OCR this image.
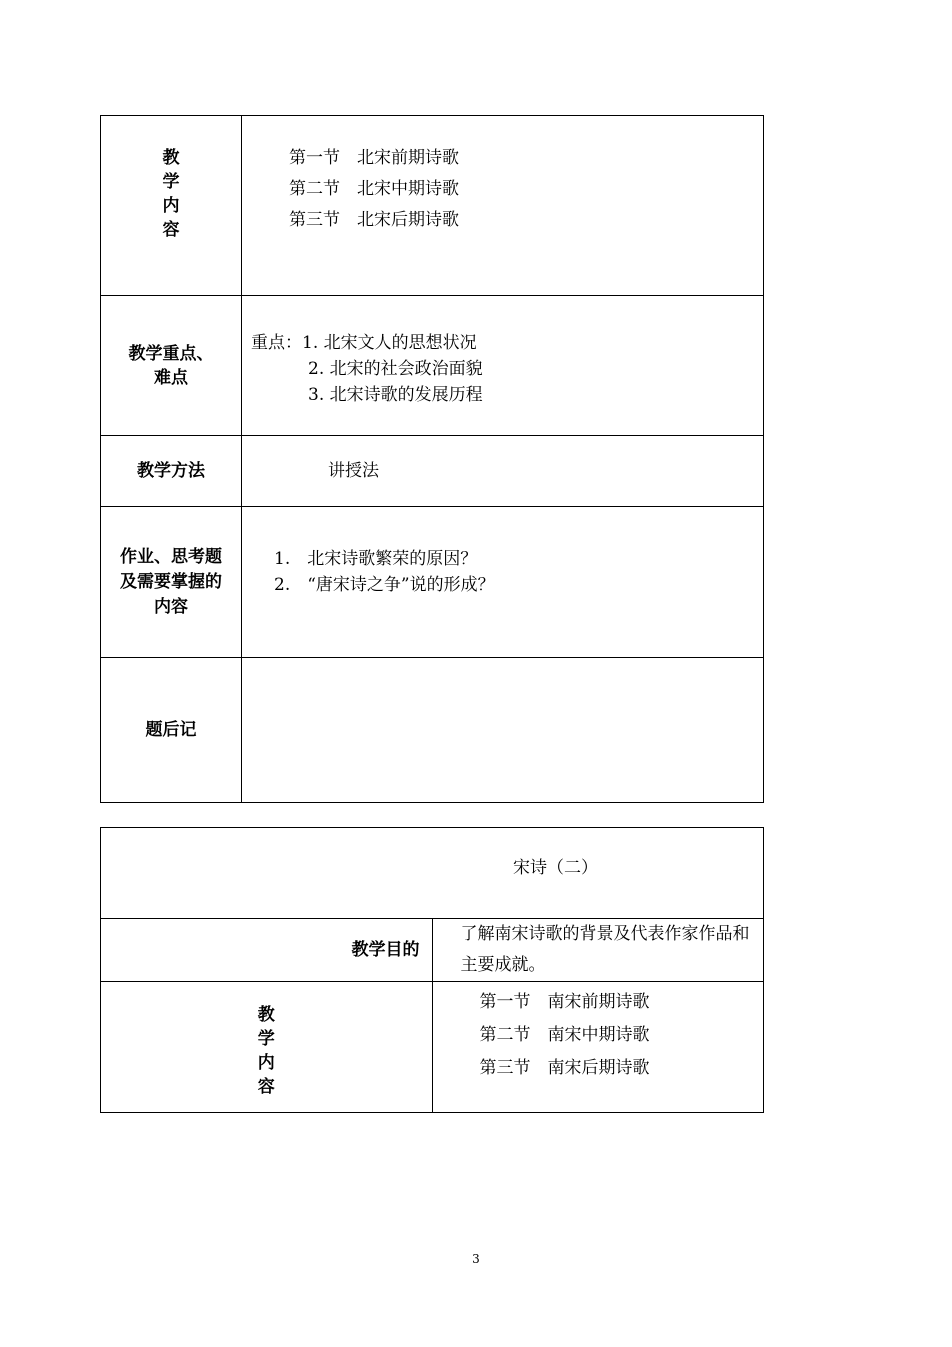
教
学
内
容	第一节　北宋前期诗歌
第二节　北宋中期诗歌
第三节　北宋后期诗歌

教学重点、
难点	重点：1. 北宋文人的思想状况
2. 北宋的社会政治面貌
3. 北宋诗歌的发展历程

教学方法	讲授法

作业、思考题
及需要掌握的
内容	1.　北宋诗歌繁荣的原因？
2.　“唐宋诗之争”说的形成？

题后记	
宋诗（二）	
教学目的	了解南宋诗歌的背景及代表作家作品和主要成就。

教
学
内
容	第一节　南宋前期诗歌
第二节　南宋中期诗歌
第三节　南宋后期诗歌
3
